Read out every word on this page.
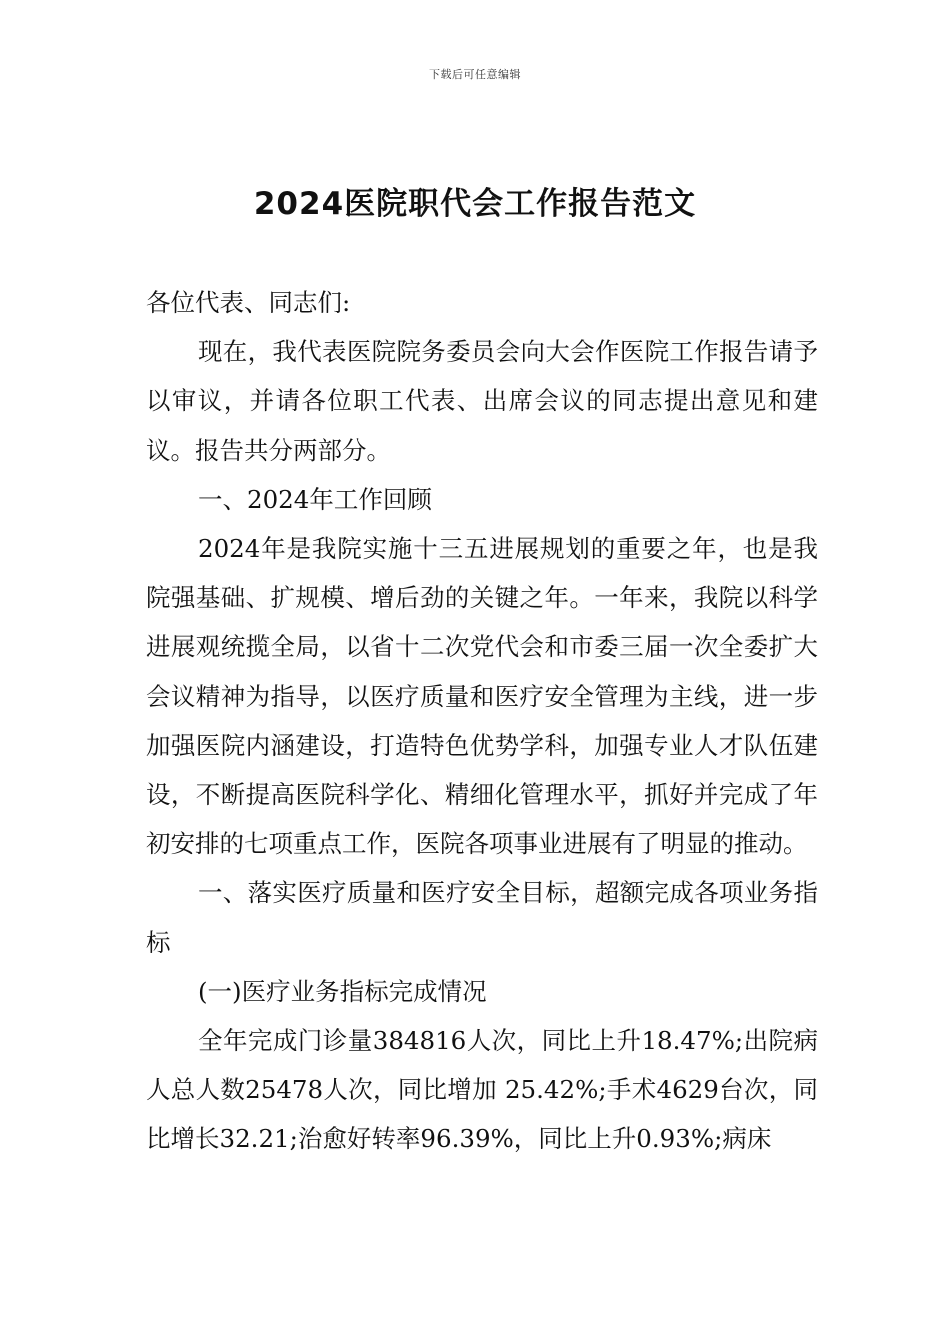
下载后可任意编辑
2024医院职代会工作报告范文

各位代表、同志们:

现在，我代表医院院务委员会向大会作医院工作报告请予以审议，并请各位职工代表、出席会议的同志提出意见和建议。报告共分两部分。

一、2024年工作回顾

2024年是我院实施十三五进展规划的重要之年，也是我院强基础、扩规模、增后劲的关键之年。一年来，我院以科学进展观统揽全局，以省十二次党代会和市委三届一次全委扩大会议精神为指导，以医疗质量和医疗安全管理为主线，进一步加强医院内涵建设，打造特色优势学科，加强专业人才队伍建设，不断提高医院科学化、精细化管理水平，抓好并完成了年初安排的七项重点工作，医院各项事业进展有了明显的推动。

一、落实医疗质量和医疗安全目标，超额完成各项业务指标

(一)医疗业务指标完成情况

全年完成门诊量384816人次，同比上升18.47%;出院病人总人数25478人次，同比增加 25.42%;手术4629台次，同比增长32.21;治愈好转率96.39%，同比上升0.93%;病床
